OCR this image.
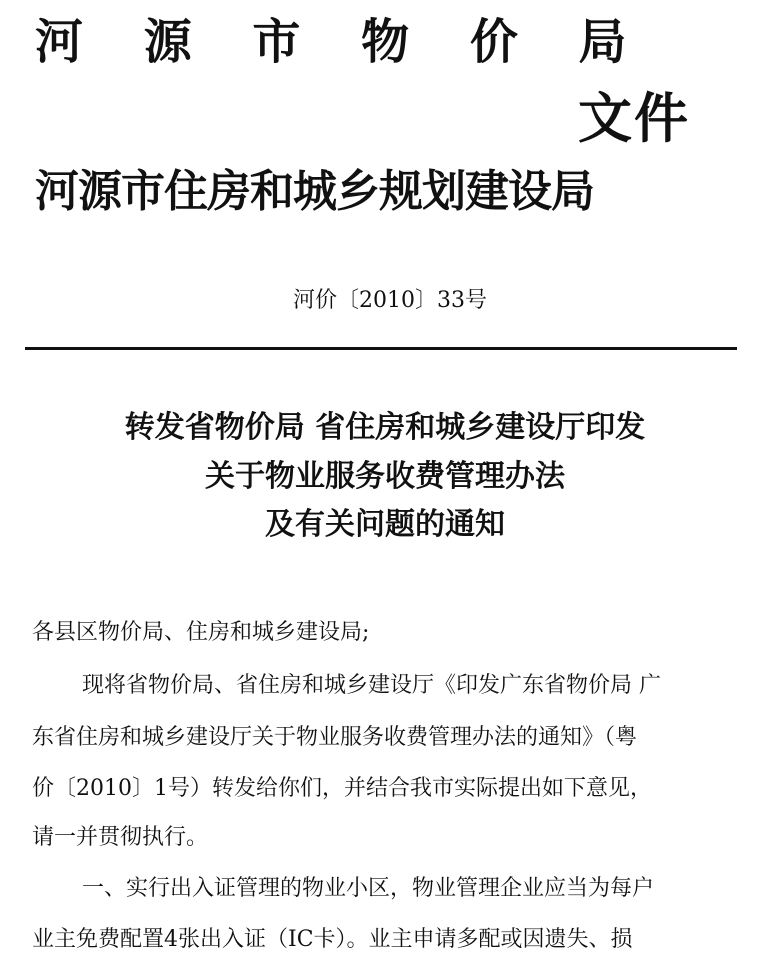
河 源 市 物 价 局
文件
河源市住房和城乡规划建设局
河价〔2010〕33号
转发省物价局 省住房和城乡建设厅印发
关于物业服务收费管理办法
及有关问题的通知
各县区物价局、住房和城乡建设局;
现将省物价局、省住房和城乡建设厅《印发广东省物价局 广
东省住房和城乡建设厅关于物业服务收费管理办法的通知》（粤
价〔2010〕1号）转发给你们，并结合我市实际提出如下意见，
请一并贯彻执行。
一、实行出入证管理的物业小区，物业管理企业应当为每户
业主免费配置4张出入证（IC卡）。业主申请多配或因遗失、损
